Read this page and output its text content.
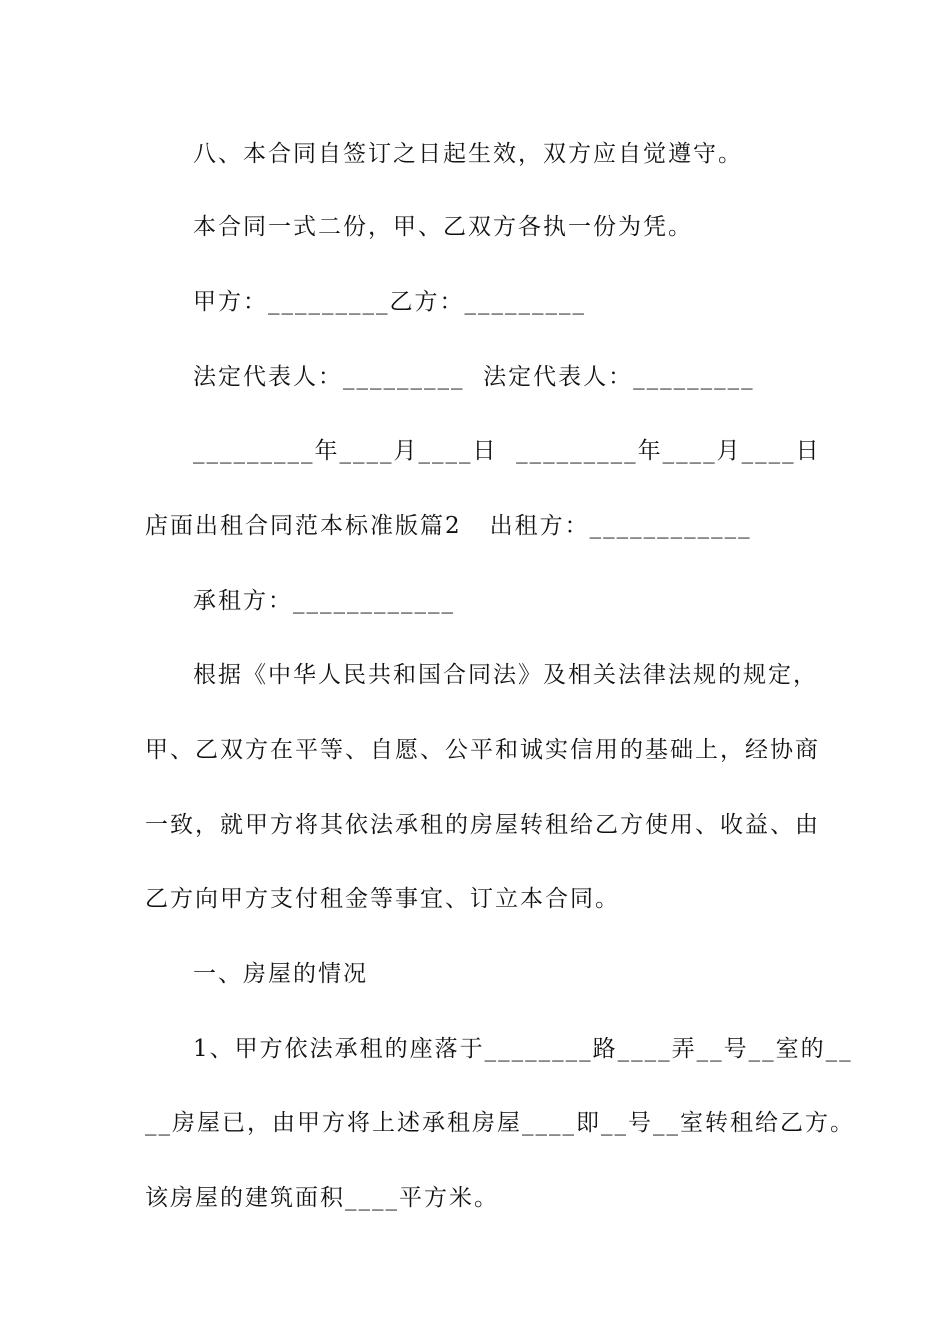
八、本合同自签订之日起生效，双方应自觉遵守。
本合同一式二份，甲、乙双方各执一份为凭。
甲方：_________乙方：_________
法定代表人：_________  法定代表人：_________
_________年____月____日  _________年____月____日
店面出租合同范本标准版篇2   出租方：____________
承租方：____________
根据《中华人民共和国合同法》及相关法律法规的规定，
甲、乙双方在平等、自愿、公平和诚实信用的基础上，经协商
一致，就甲方将其依法承租的房屋转租给乙方使用、收益、由
乙方向甲方支付租金等事宜、订立本合同。
一、房屋的情况
1、甲方依法承租的座落于________路____弄__号__室的__
__房屋已，由甲方将上述承租房屋____即__号__室转租给乙方。
该房屋的建筑面积____平方米。
